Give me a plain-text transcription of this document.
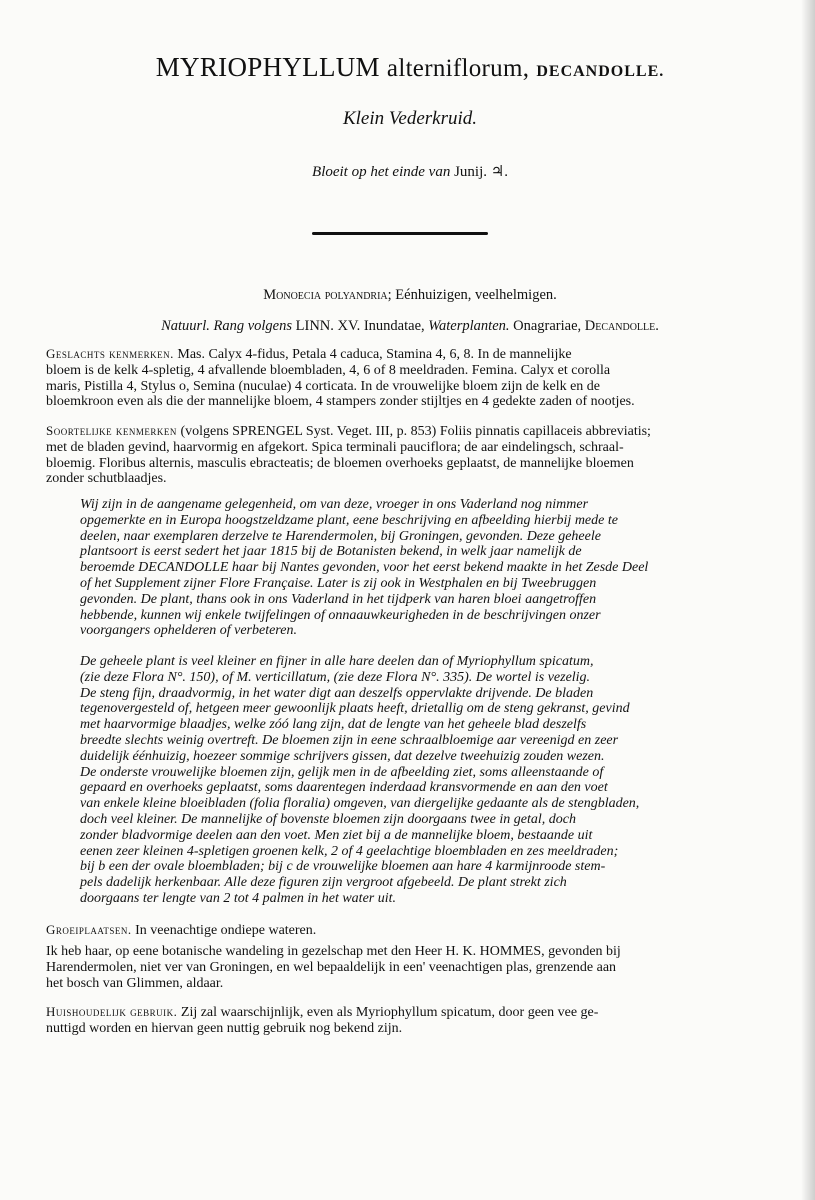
MYRIOPHYLLUM alterniflorum, DECANDOLLE.
Klein Vederkruid.
Bloeit op het einde van Junij. ♃.
Monoecia polyandria; Eénhuizigen, veelhelmigen.
Natuurl. Rang volgens LINN. XV. Inundatae, Waterplanten. Onagrariae, Decandolle.
Geslachts kenmerken. Mas. Calyx 4-fidus, Petala 4 caduca, Stamina 4, 6, 8. In de mannelijke
bloem is de kelk 4-spletig, 4 afvallende bloembladen, 4, 6 of 8 meeldraden. Femina. Calyx et corolla
maris, Pistilla 4, Stylus o, Semina (nuculae) 4 corticata. In de vrouwelijke bloem zijn de kelk en de
bloemkroon even als die der mannelijke bloem, 4 stampers zonder stijltjes en 4 gedekte zaden of nootjes.
Soortelijke kenmerken (volgens SPRENGEL Syst. Veget. III, p. 853) Foliis pinnatis capillaceis abbreviatis;
met de bladen gevind, haarvormig en afgekort. Spica terminali pauciflora; de aar eindelingsch, schraal-
bloemig. Floribus alternis, masculis ebracteatis; de bloemen overhoeks geplaatst, de mannelijke bloemen
zonder schutblaadjes.
Wij zijn in de aangename gelegenheid, om van deze, vroeger in ons Vaderland nog nimmer
opgemerkte en in Europa hoogstzeldzame plant, eene beschrijving en afbeelding hierbij mede te
deelen, naar exemplaren derzelve te Harendermolen, bij Groningen, gevonden. Deze geheele
plantsoort is eerst sedert het jaar 1815 bij de Botanisten bekend, in welk jaar namelijk de
beroemde DECANDOLLE haar bij Nantes gevonden, voor het eerst bekend maakte in het Zesde Deel
of het Supplement zijner Flore Française. Later is zij ook in Westphalen en bij Tweebruggen
gevonden. De plant, thans ook in ons Vaderland in het tijdperk van haren bloei aangetroffen
hebbende, kunnen wij enkele twijfelingen of onnaauwkeurigheden in de beschrijvingen onzer
voorgangers ophelderen of verbeteren.
De geheele plant is veel kleiner en fijner in alle hare deelen dan of Myriophyllum spicatum,
(zie deze Flora N°. 150), of M. verticillatum, (zie deze Flora N°. 335). De wortel is vezelig.
De steng fijn, draadvormig, in het water digt aan deszelfs oppervlakte drijvende. De bladen
tegenovergesteld of, hetgeen meer gewoonlijk plaats heeft, drietallig om de steng gekranst, gevind
met haarvormige blaadjes, welke zóó lang zijn, dat de lengte van het geheele blad deszelfs
breedte slechts weinig overtreft. De bloemen zijn in eene schraalbloemige aar vereenigd en zeer
duidelijk éénhuizig, hoezeer sommige schrijvers gissen, dat dezelve tweehuizig zouden wezen.
De onderste vrouwelijke bloemen zijn, gelijk men in de afbeelding ziet, soms alleenstaande of
gepaard en overhoeks geplaatst, soms daarentegen inderdaad kransvormende en aan den voet
van enkele kleine bloeibladen (folia floralia) omgeven, van diergelijke gedaante als de stengbladen,
doch veel kleiner. De mannelijke of bovenste bloemen zijn doorgaans twee in getal, doch
zonder bladvormige deelen aan den voet. Men ziet bij a de mannelijke bloem, bestaande uit
eenen zeer kleinen 4-spletigen groenen kelk, 2 of 4 geelachtige bloembladen en zes meeldraden;
bij b een der ovale bloembladen; bij c de vrouwelijke bloemen aan hare 4 karmijnroode stem-
pels dadelijk herkenbaar. Alle deze figuren zijn vergroot afgebeeld. De plant strekt zich
doorgaans ter lengte van 2 tot 4 palmen in het water uit.
Groeiplaatsen. In veenachtige ondiepe wateren.
Ik heb haar, op eene botanische wandeling in gezelschap met den Heer H. K. HOMMES, gevonden bij
Harendermolen, niet ver van Groningen, en wel bepaaldelijk in een' veenachtigen plas, grenzende aan
het bosch van Glimmen, aldaar.
Huishoudelijk gebruik. Zij zal waarschijnlijk, even als Myriophyllum spicatum, door geen vee ge-
nuttigd worden en hiervan geen nuttig gebruik nog bekend zijn.
